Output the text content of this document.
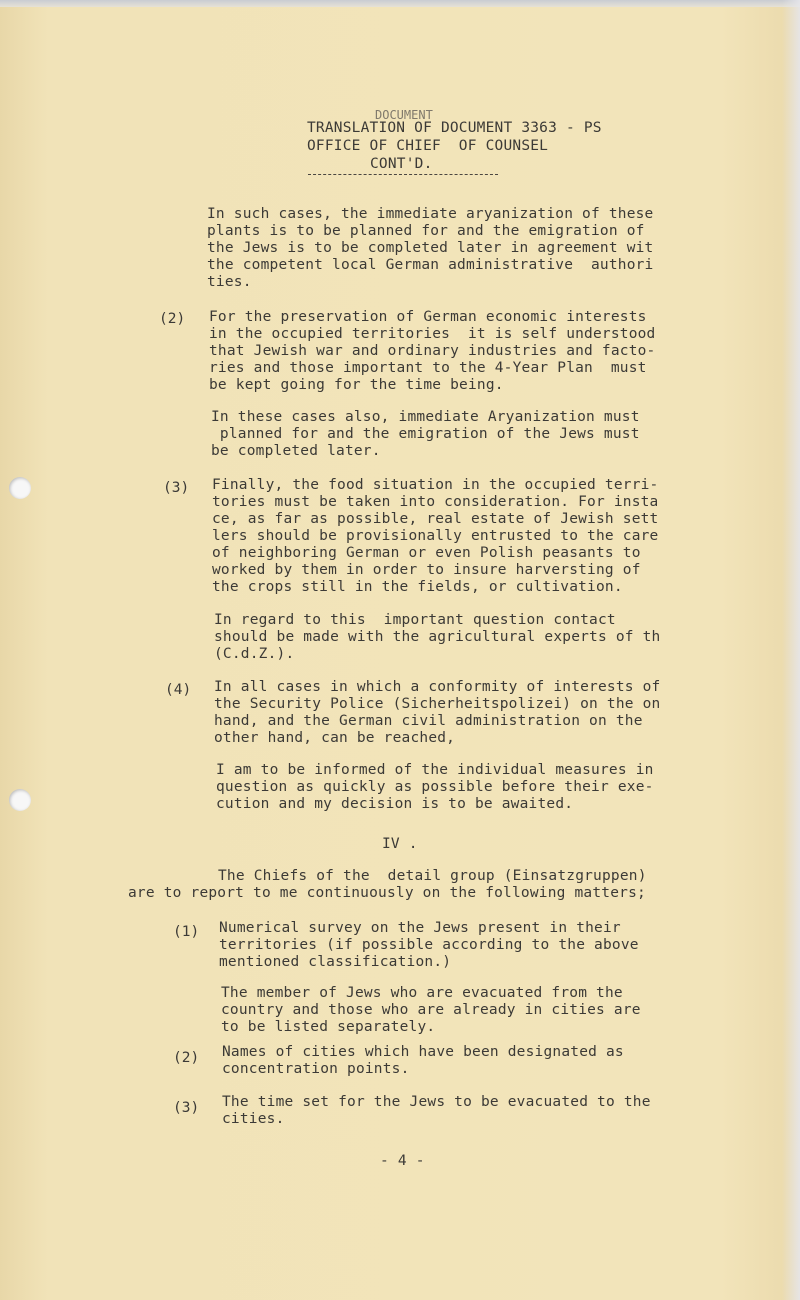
DOCUMENT
TRANSLATION OF DOCUMENT 3363 - PS
OFFICE OF CHIEF  OF COUNSEL
CONT'D.
In such cases, the immediate aryanization of these
plants is to be planned for and the emigration of
the Jews is to be completed later in agreement wit
the competent local German administrative  authori
ties.
(2) For the preservation of German economic interests
in the occupied territories  it is self understood
that Jewish war and ordinary industries and facto-
ries and those important to the 4-Year Plan  must
be kept going for the time being.
In these cases also, immediate Aryanization must
planned for and the emigration of the Jews must
be completed later.
(3) Finally, the food situation in the occupied terri-
tories must be taken into consideration. For insta
ce, as far as possible, real estate of Jewish sett
lers should be provisionally entrusted to the care
of neighboring German or even Polish peasants to
worked by them in order to insure harversting of
the crops still in the fields, or cultivation.
In regard to this  important question contact
should be made with the agricultural experts of th
(C.d.Z.).
(4) In all cases in which a conformity of interests of
the Security Police (Sicherheitspolizei) on the on
hand, and the German civil administration on the
other hand, can be reached,
I am to be informed of the individual measures in
question as quickly as possible before their exe-
cution and my decision is to be awaited.
IV .
The Chiefs of the  detail group (Einsatzgruppen)
are to report to me continuously on the following matters;
(1) Numerical survey on the Jews present in their
territories (if possible according to the above
mentioned classification.)
The member of Jews who are evacuated from the
country and those who are already in cities are
to be listed separately.
(2) Names of cities which have been designated as
concentration points.
(3) The time set for the Jews to be evacuated to the
cities.
- 4 -
